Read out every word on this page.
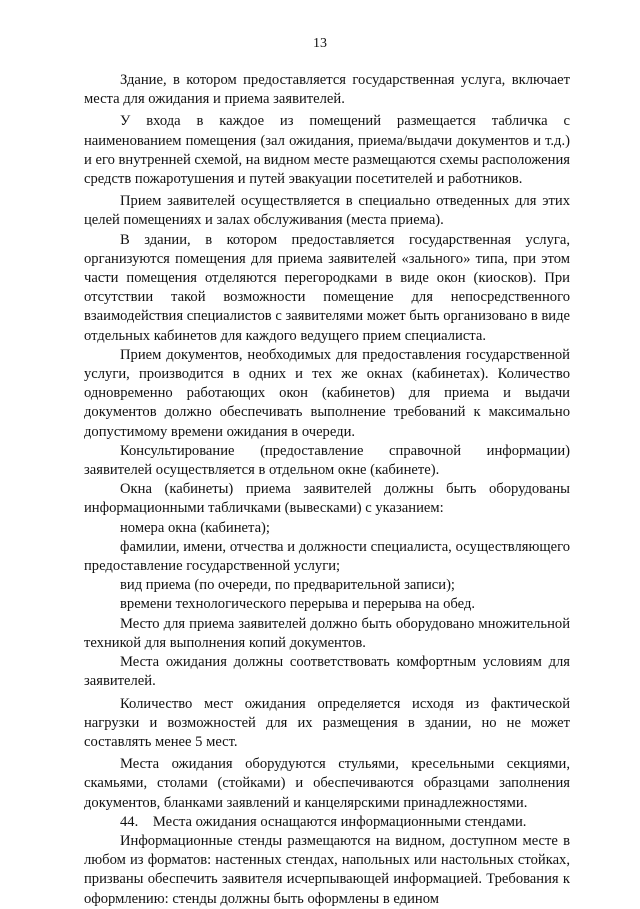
13

Здание, в котором предоставляется государственная услуга, включает места для ожидания и приема заявителей.

У входа в каждое из помещений размещается табличка с наименованием помещения (зал ожидания, приема/выдачи документов и т.д.) и его внутренней схемой, на видном месте размещаются схемы расположения средств пожаротушения и путей эвакуации посетителей и работников.

Прием заявителей осуществляется в специально отведенных для этих целей помещениях и залах обслуживания (места приема).

В здании, в котором предоставляется государственная услуга, организуются помещения для приема заявителей «зального» типа, при этом части помещения отделяются перегородками в виде окон (киосков). При отсутствии такой возможности помещение для непосредственного взаимодействия специалистов с заявителями может быть организовано в виде отдельных кабинетов для каждого ведущего прием специалиста.

Прием документов, необходимых для предоставления государственной услуги, производится в одних и тех же окнах (кабинетах). Количество одновременно работающих окон (кабинетов) для приема и выдачи документов должно обеспечивать выполнение требований к максимально допустимому времени ожидания в очереди.

Консультирование (предоставление справочной информации) заявителей осуществляется в отдельном окне (кабинете).

Окна (кабинеты) приема заявителей должны быть оборудованы информационными табличками (вывесками) с указанием:

номера окна (кабинета);

фамилии, имени, отчества и должности специалиста, осуществляющего предоставление государственной услуги;

вид приема (по очереди, по предварительной записи);

времени технологического перерыва и перерыва на обед.

Место для приема заявителей должно быть оборудовано множительной техникой для выполнения копий документов.

Места ожидания должны соответствовать комфортным условиям для заявителей.

Количество мест ожидания определяется исходя из фактической нагрузки и возможностей для их размещения в здании, но не может составлять менее 5 мест.

Места ожидания оборудуются стульями, кресельными секциями, скамьями, столами (стойками) и обеспечиваются образцами заполнения документов, бланками заявлений и канцелярскими принадлежностями.

44. Места ожидания оснащаются информационными стендами.

Информационные стенды размещаются на видном, доступном месте в любом из форматов: настенных стендах, напольных или настольных стойках, призваны обеспечить заявителя исчерпывающей информацией. Требования к оформлению: стенды должны быть оформлены в едином
